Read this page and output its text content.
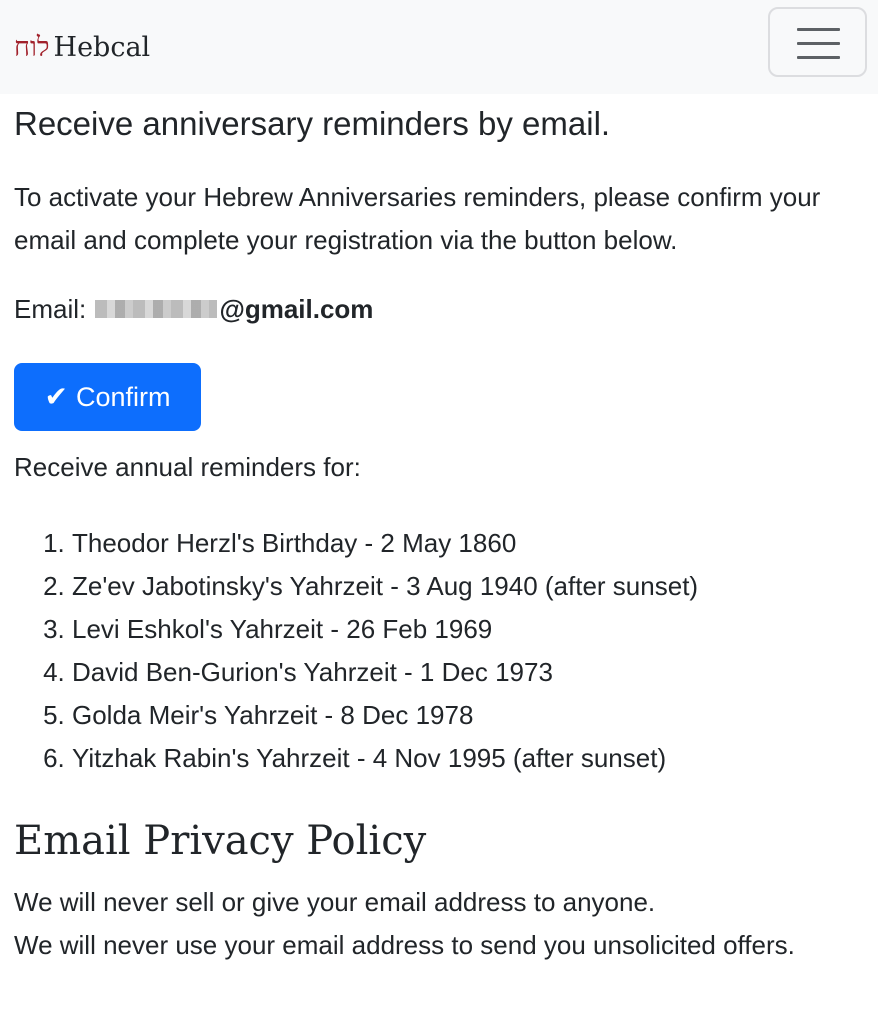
לוח Hebcal
Receive anniversary reminders by email.

To activate your Hebrew Anniversaries reminders, please confirm your email and complete your registration via the button below.

Email:	@gmail.com
✔ Confirm
Receive annual reminders for:
1. Theodor Herzl's Birthday - 2 May 1860
2. Ze'ev Jabotinsky's Yahrzeit - 3 Aug 1940 (after sunset)
3. Levi Eshkol's Yahrzeit - 26 Feb 1969
4. David Ben-Gurion's Yahrzeit - 1 Dec 1973
5. Golda Meir's Yahrzeit - 8 Dec 1978
6. Yitzhak Rabin's Yahrzeit - 4 Nov 1995 (after sunset)
Email Privacy Policy

We will never sell or give your email address to anyone.
We will never use your email address to send you unsolicited offers.
